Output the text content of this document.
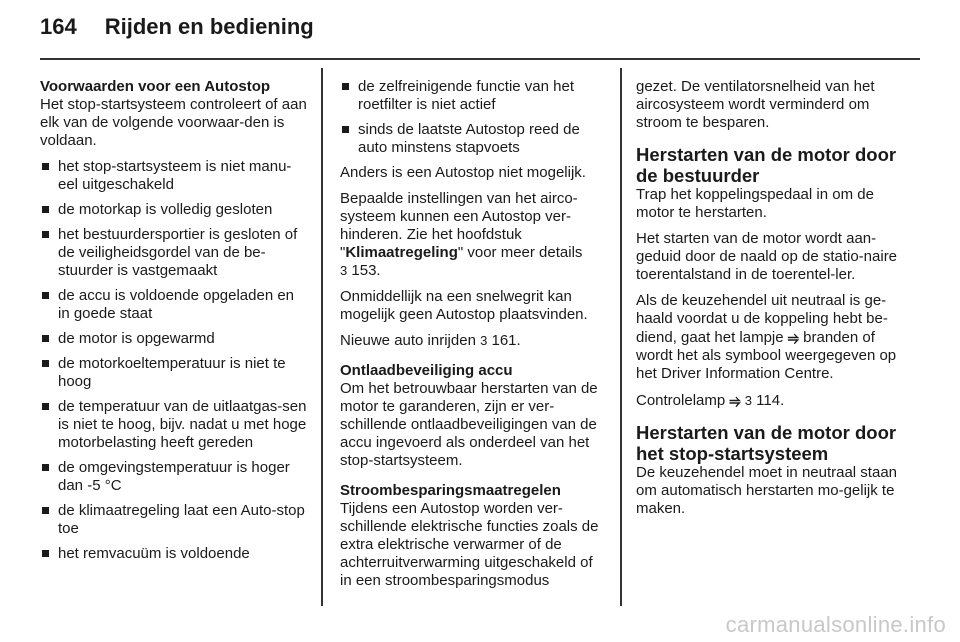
164 Rijden en bediening
Voorwaarden voor een Autostop

Het stop-startsysteem controleert of aan elk van de volgende voorwaar-den is voldaan.

het stop-startsysteem is niet manu-eel uitgeschakeld
de motorkap is volledig gesloten
het bestuurdersportier is gesloten of de veiligheidsgordel van de be-stuurder is vastgemaakt
de accu is voldoende opgeladen en in goede staat
de motor is opgewarmd
de motorkoeltemperatuur is niet te hoog
de temperatuur van de uitlaatgas-sen is niet te hoog, bijv. nadat u met hoge motorbelasting heeft gereden
de omgevingstemperatuur is hoger dan -5 °C
de klimaatregeling laat een Auto-stop toe
het remvacuüm is voldoende
de zelfreinigende functie van het roetfilter is niet actief
sinds de laatste Autostop reed de auto minstens stapvoets

Anders is een Autostop niet mogelijk.

Bepaalde instellingen van het airco-systeem kunnen een Autostop ver-hinderen. Zie het hoofdstuk "Klimaatregeling" voor meer details
3 153.

Onmiddellijk na een snelwegrit kan mogelijk geen Autostop plaatsvinden.

Nieuwe auto inrijden 3 161.

Ontlaadbeveiliging accu

Om het betrouwbaar herstarten van de motor te garanderen, zijn er ver-schillende ontlaadbeveiligingen van de accu ingevoerd als onderdeel van het stop-startsysteem.

Stroombesparingsmaatregelen

Tijdens een Autostop worden ver-schillende elektrische functies zoals de extra elektrische verwarmer of de achterruitverwarming uitgeschakeld of in een stroombesparingsmodus

gezet. De ventilatorsnelheid van het aircosysteem wordt verminderd om stroom te besparen.

Herstarten van de motor door de bestuurder

Trap het koppelingspedaal in om de motor te herstarten.

Het starten van de motor wordt aan-geduid door de naald op de statio-naire toerentalstand in de toerentel-ler.

Als de keuzehendel uit neutraal is ge-haald voordat u de koppeling hebt be-diend, gaat het lampje ⥤ branden of wordt het als symbool weergegeven op het Driver Information Centre.

Controlelamp ⥤ 3 114.

Herstarten van de motor door het stop-startsysteem

De keuzehendel moet in neutraal staan om automatisch herstarten mo-gelijk te maken.

carmanualsonline.info
